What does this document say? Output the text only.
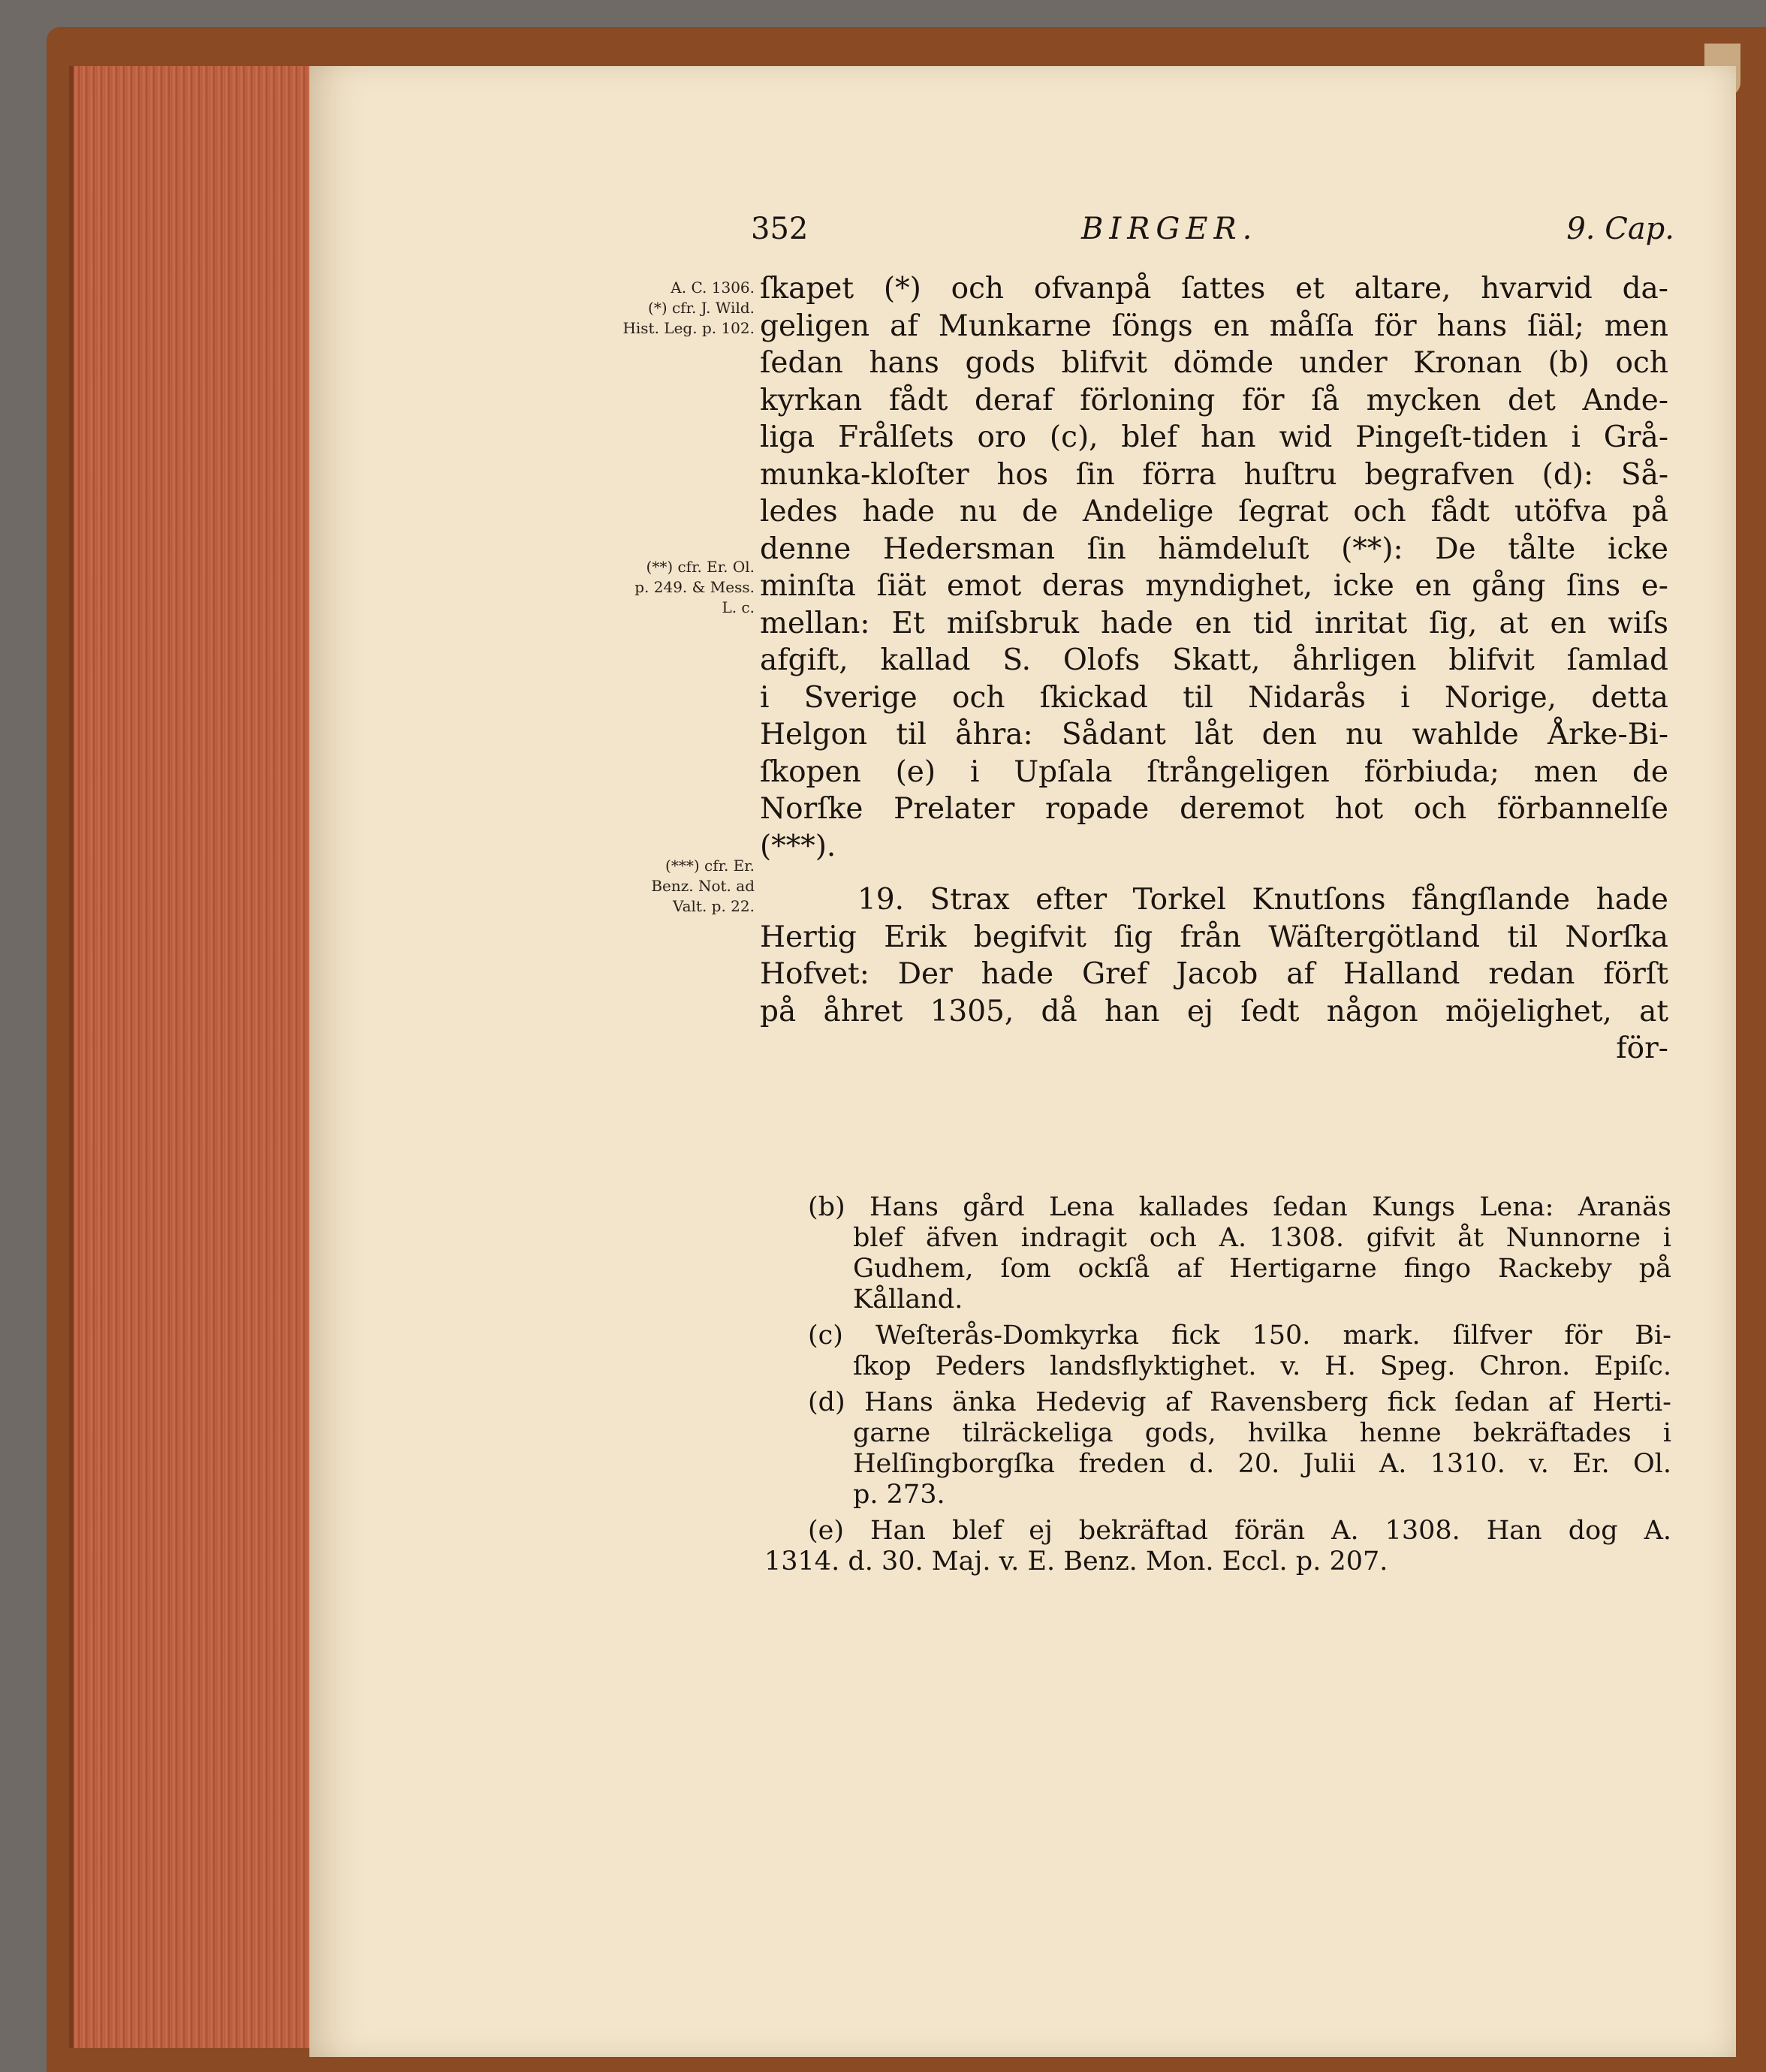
352	BIRGER.	9. Cap.
A. C. 1306.
(*) cfr. J. Wild.
Hist. Leg. p. 102.
(**) cfr. Er. Ol.
p. 249. & Mess.
L. c.
(***) cfr. Er.
Benz. Not. ad
Valt. p. 22.
ſkapet (*) och ofvanpå ſattes et altare, hvarvid da-
geligen af Munkarne ſöngs en måſſa för hans ſiäl; men
ſedan hans gods blifvit dömde under Kronan (b) och
kyrkan fådt deraf förloning för ſå mycken det Ande-
liga Frålſets oro (c), blef han wid Pingeſt-tiden i Grå-
munka-kloſter hos ſin förra huſtru begrafven (d): Så-
ledes hade nu de Andelige ſegrat och fådt utöfva på
denne Hedersman ſin hämdeluſt (**): De tålte icke
minſta ſiät emot deras myndighet, icke en gång ſins e-
mellan: Et miſsbruk hade en tid inritat ſig, at en wiſs
afgift, kallad S. Olofs Skatt, åhrligen blifvit ſamlad
i Sverige och ſkickad til Nidarås i Norige, detta
Helgon til åhra: Sådant låt den nu wahlde Årke-Bi-
ſkopen (e) i Upſala ſtrångeligen förbiuda; men de
Norſke Prelater ropade deremot hot och förbannelſe
(***).
19. Strax efter Torkel Knutſons fångſlande hade
Hertig Erik begifvit ſig från Wäſtergötland til Norſka
Hofvet: Der hade Gref Jacob af Halland redan förſt
på åhret 1305, då han ej ſedt någon möjelighet, at
för-
(b) Hans gård Lena kallades ſedan Kungs Lena: Aranäs
blef äfven indragit och A. 1308. gifvit åt Nunnorne i
Gudhem, ſom ockſå af Hertigarne fingo Rackeby på
Kålland.
(c) Weſterås-Domkyrka fick 150. mark. ſilfver för Bi-
ſkop Peders landsflyktighet. v. H. Speg. Chron. Epiſc.
(d) Hans änka Hedevig af Ravensberg fick ſedan af Herti-
garne tilräckeliga gods, hvilka henne bekräftades i
Helſingborgſka freden d. 20. Julii A. 1310. v. Er. Ol.
p. 273.
(e) Han blef ej bekräftad förän A. 1308. Han dog A.
1314. d. 30. Maj. v. E. Benz. Mon. Eccl. p. 207.
